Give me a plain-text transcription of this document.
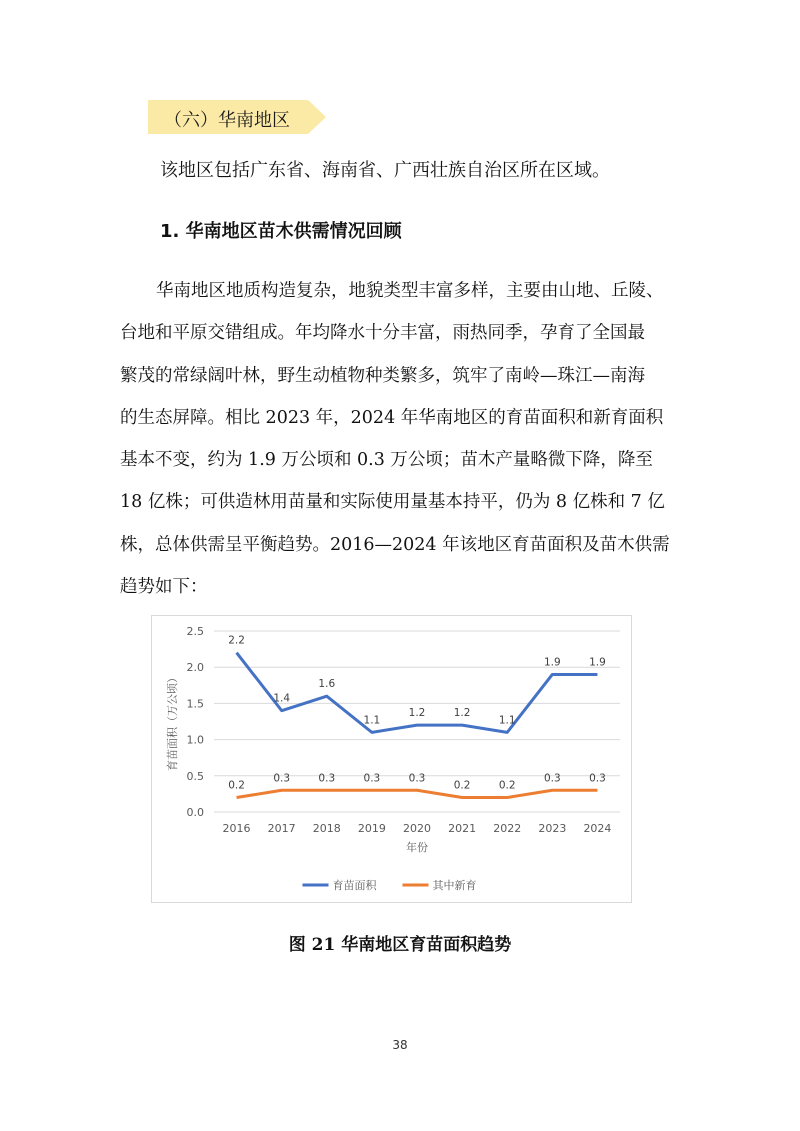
（六）华南地区
该地区包括广东省、海南省、广西壮族自治区所在区域。
1. 华南地区苗木供需情况回顾
华南地区地质构造复杂，地貌类型丰富多样，主要由山地、丘陵、
台地和平原交错组成。年均降水十分丰富，雨热同季，孕育了全国最
繁茂的常绿阔叶林，野生动植物种类繁多，筑牢了南岭—珠江—南海
的生态屏障。相比 2023 年，2024 年华南地区的育苗面积和新育面积
基本不变，约为 1.9 万公顷和 0.3 万公顷；苗木产量略微下降，降至
18 亿株；可供造林用苗量和实际使用量基本持平，仍为 8 亿株和 7 亿
株，总体供需呈平衡趋势。2016—2024 年该地区育苗面积及苗木供需
趋势如下：
0.0
0.5
1.0
1.5
2.0
2.5
2016 2017 2018 2019 2020 2021 2022 2023 2024
2.2
1.4
1.6
1.1
1.2	1.2
1.1
1.9	1.9
0.2
0.3	0.3	0.3	0.3
0.2	0.2
0.3	0.3
育苗面积（万公顷）
年份
育苗面积	其中新育
图 21 华南地区育苗面积趋势
38
